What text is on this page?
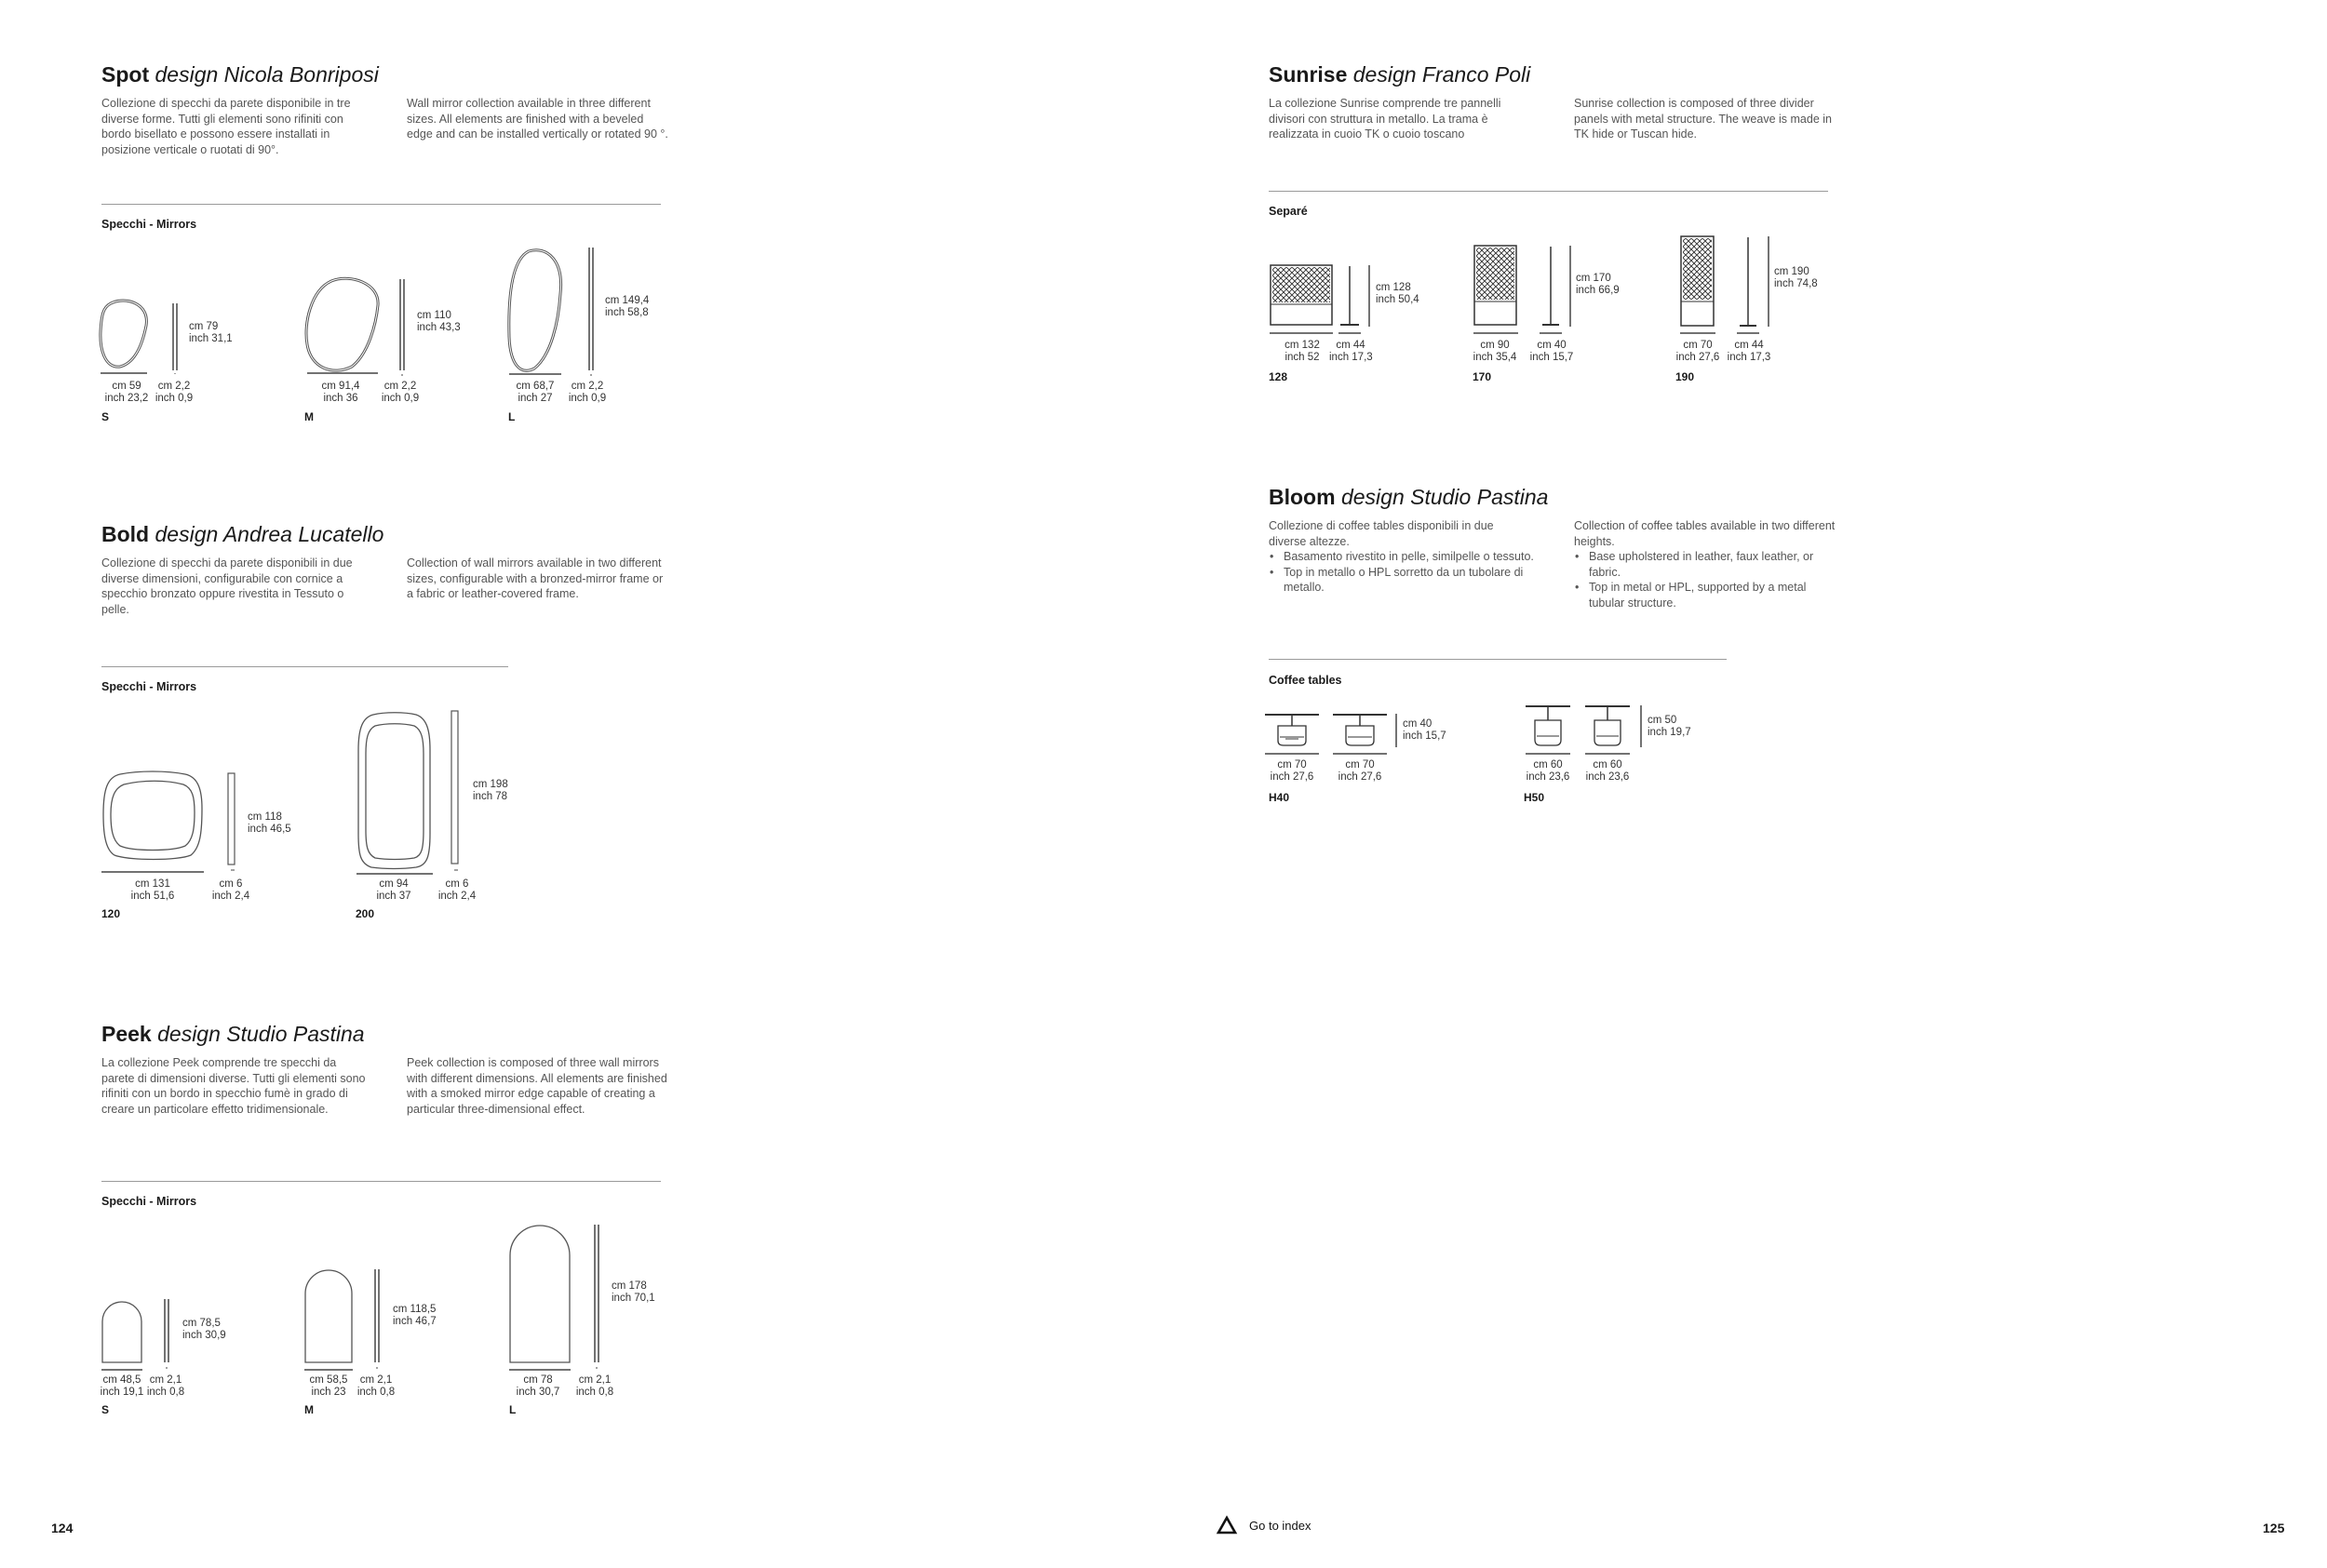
Spot design Nicola Bonriposi
Collezione di specchi da parete disponibile in tre diverse forme. Tutti gli elementi sono rifiniti con bordo bisellato e possono essere installati in posizione verticale o ruotati di 90°.
Wall mirror collection available in three different sizes. All elements are finished with a beveled edge and can be installed vertically or rotated 90 °.
Specchi - Mirrors
cm 79
inch 31,1
cm 59
inch 23,2
cm 2,2
inch 0,9
S
cm 110
inch 43,3
cm 91,4
inch 36
cm 2,2
inch 0,9
M
cm 149,4
inch 58,8
cm 68,7
inch 27
cm 2,2
inch 0,9
L
Bold design Andrea Lucatello
Collezione di specchi da parete disponibili in due diverse dimensioni, configurabile con cornice a specchio bronzato oppure rivestita in Tessuto o pelle.
Collection of wall mirrors available in two different sizes, configurable with a bronzed-mirror frame or a fabric or leather-covered frame.
Specchi - Mirrors
cm 118
inch 46,5
cm 131
inch 51,6
cm 6
inch 2,4
120
cm 198
inch 78
cm 94
inch 37
cm 6
inch 2,4
200
Peek design Studio Pastina
La collezione Peek comprende tre specchi da parete di dimensioni diverse. Tutti gli elementi sono rifiniti con un bordo in specchio fumè in grado di creare un particolare effetto tridimensionale.
Peek collection is composed of three wall mirrors with different dimensions. All elements are finished with a smoked mirror edge capable of creating a particular three-dimensional effect.
Specchi - Mirrors
cm 78,5
inch 30,9
cm 48,5
inch 19,1
cm 2,1
inch 0,8
S
cm 118,5
inch 46,7
cm 58,5
inch 23
cm 2,1
inch 0,8
M
cm 178
inch 70,1
cm 78
inch 30,7
cm 2,1
inch 0,8
L
Sunrise design Franco Poli
La collezione Sunrise comprende tre pannelli divisori con struttura in metallo. La trama è realizzata in cuoio TK o cuoio toscano
Sunrise collection is composed of three divider panels with metal structure. The weave is made in TK hide or Tuscan hide.
Separé
cm 128
inch 50,4
cm 132
inch 52
cm 44
inch 17,3
128
cm 170
inch 66,9
cm 90
inch 35,4
cm 40
inch 15,7
170
cm 190
inch 74,8
cm 70
inch 27,6
cm 44
inch 17,3
190
Bloom design Studio Pastina
Collezione di coffee tables disponibili in due diverse altezze.
• Basamento rivestito in pelle, similpelle o tessuto.
• Top in metallo o HPL sorretto da un tubolare di metallo.
Collection of coffee tables available in two different heights.
• Base upholstered in leather, faux leather, or fabric.
• Top in metal or HPL, supported by a metal tubular structure.
Coffee tables
cm 40
inch 15,7
cm 70
inch 27,6
cm 70
inch 27,6
H40
cm 50
inch 19,7
cm 60
inch 23,6
cm 60
inch 23,6
H50
124	Go to index	125
